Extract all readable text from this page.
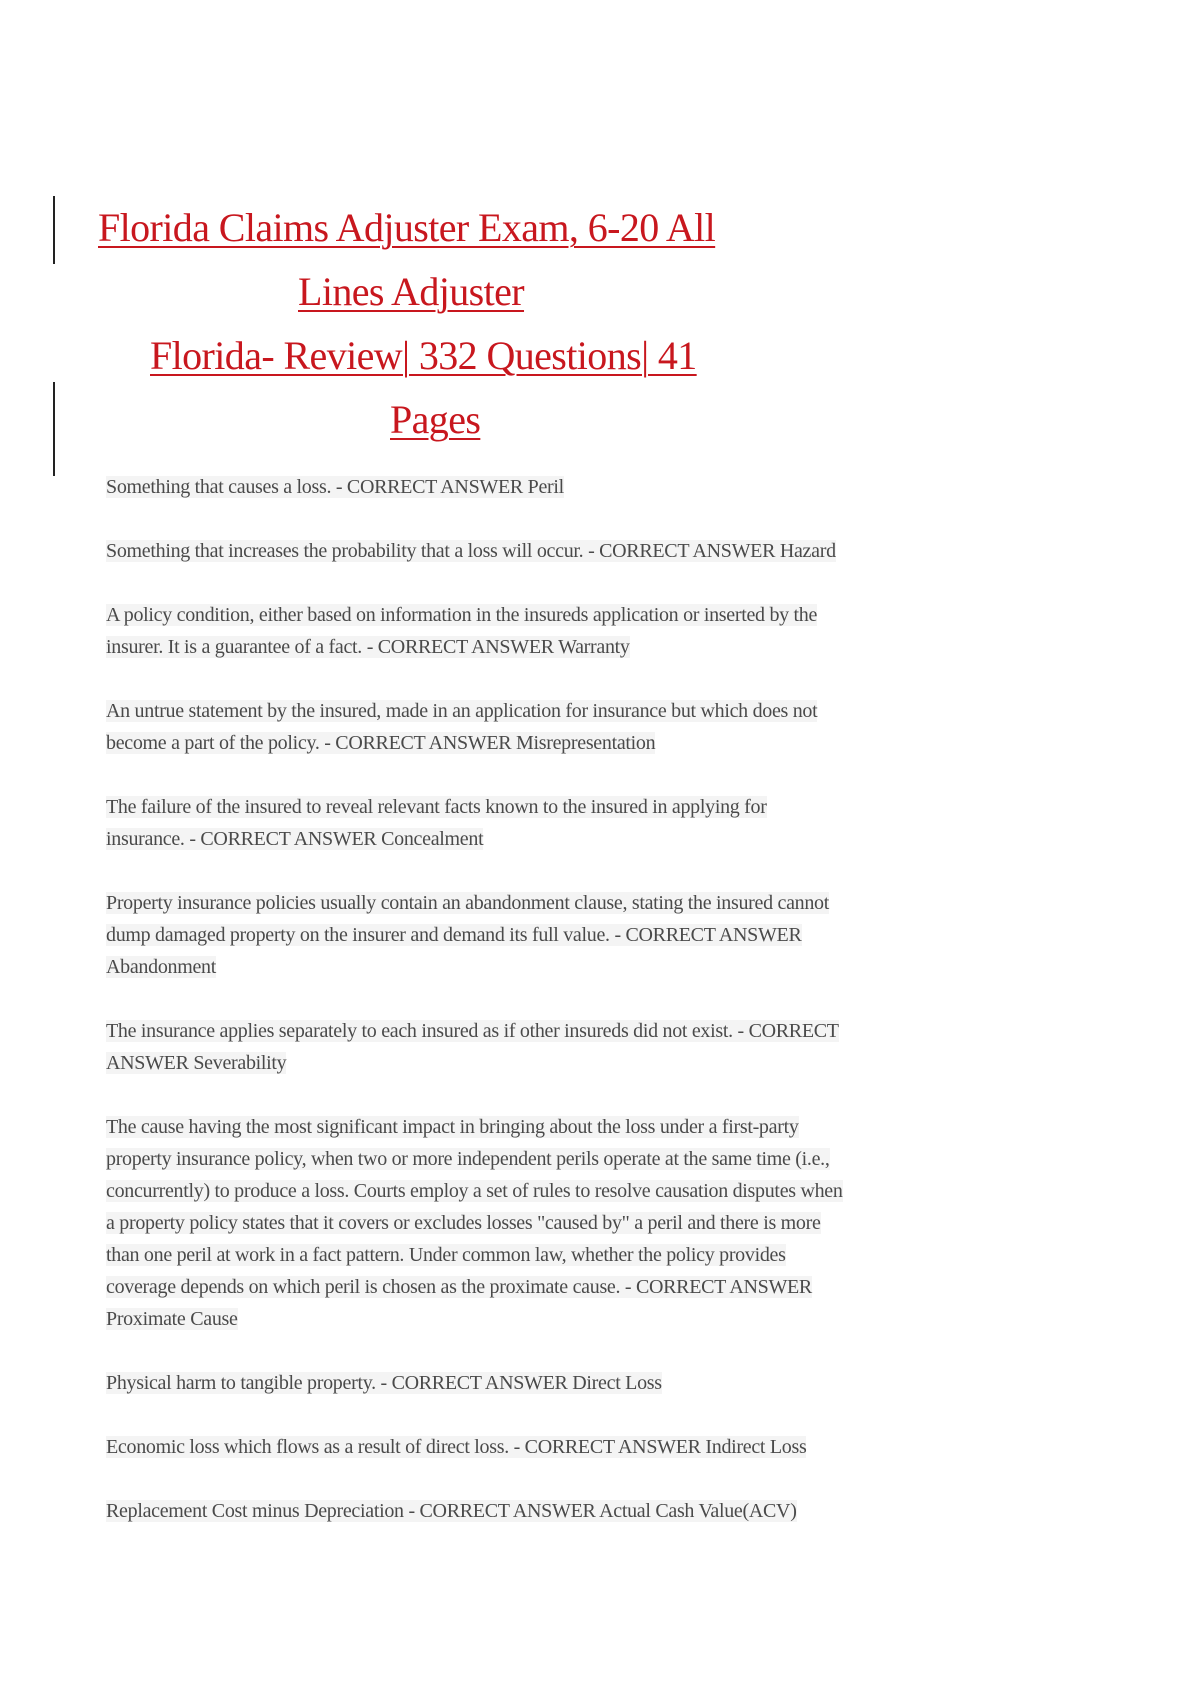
Florida Claims Adjuster Exam, 6-20 All
Lines Adjuster
Florida- Review| 332 Questions| 41
Pages
Something that causes a loss. - CORRECT ANSWER Peril
Something that increases the probability that a loss will occur. - CORRECT ANSWER Hazard
A policy condition, either based on information in the insureds application or inserted by the insurer. It is a guarantee of a fact. - CORRECT ANSWER Warranty
An untrue statement by the insured, made in an application for insurance but which does not become a part of the policy. - CORRECT ANSWER Misrepresentation
The failure of the insured to reveal relevant facts known to the insured in applying for insurance. - CORRECT ANSWER Concealment
Property insurance policies usually contain an abandonment clause, stating the insured cannot dump damaged property on the insurer and demand its full value. - CORRECT ANSWER Abandonment
The insurance applies separately to each insured as if other insureds did not exist. - CORRECT ANSWER Severability
The cause having the most significant impact in bringing about the loss under a first-party property insurance policy, when two or more independent perils operate at the same time (i.e., concurrently) to produce a loss. Courts employ a set of rules to resolve causation disputes when a property policy states that it covers or excludes losses "caused by" a peril and there is more than one peril at work in a fact pattern. Under common law, whether the policy provides coverage depends on which peril is chosen as the proximate cause. - CORRECT ANSWER Proximate Cause
Physical harm to tangible property. - CORRECT ANSWER Direct Loss
Economic loss which flows as a result of direct loss. - CORRECT ANSWER Indirect Loss
Replacement Cost minus Depreciation - CORRECT ANSWER Actual Cash Value(ACV)
